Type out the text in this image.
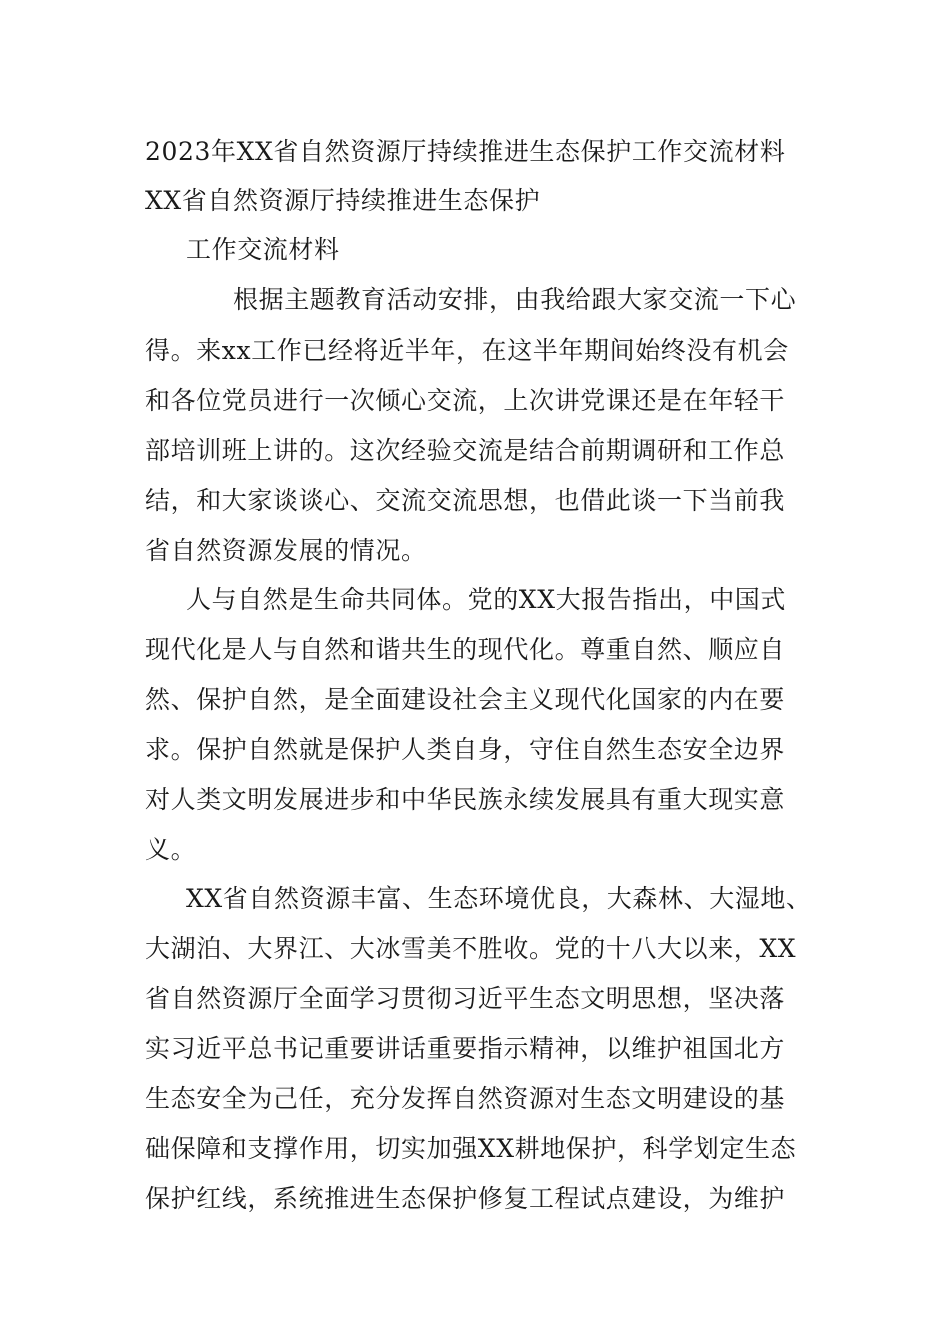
2023年XX省自然资源厅持续推进生态保护工作交流材料
XX省自然资源厅持续推进生态保护
工作交流材料
根据主题教育活动安排，由我给跟大家交流一下心
得。来xx工作已经将近半年，在这半年期间始终没有机会
和各位党员进行一次倾心交流，上次讲党课还是在年轻干
部培训班上讲的。这次经验交流是结合前期调研和工作总
结，和大家谈谈心、交流交流思想，也借此谈一下当前我
省自然资源发展的情况。
人与自然是生命共同体。党的XX大报告指出，中国式
现代化是人与自然和谐共生的现代化。尊重自然、顺应自
然、保护自然，是全面建设社会主义现代化国家的内在要
求。保护自然就是保护人类自身，守住自然生态安全边界
对人类文明发展进步和中华民族永续发展具有重大现实意
义。
XX省自然资源丰富、生态环境优良，大森林、大湿地、
大湖泊、大界江、大冰雪美不胜收。党的十八大以来，XX
省自然资源厅全面学习贯彻习近平生态文明思想，坚决落
实习近平总书记重要讲话重要指示精神，以维护祖国北方
生态安全为己任，充分发挥自然资源对生态文明建设的基
础保障和支撑作用，切实加强XX耕地保护，科学划定生态
保护红线，系统推进生态保护修复工程试点建设，为维护
